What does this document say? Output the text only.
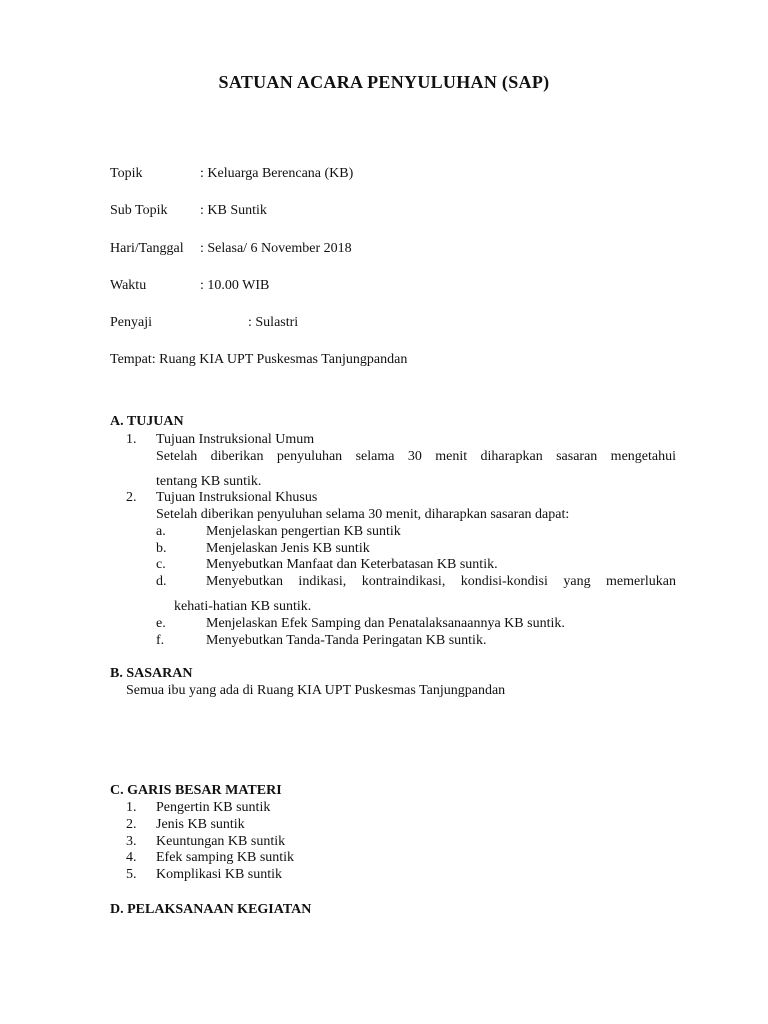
SATUAN ACARA PENYULUHAN (SAP)
Topik	: Keluarga Berencana (KB)
Sub Topik : KB Suntik
Hari/Tanggal : Selasa/ 6 November 2018
Waktu	: 10.00 WIB
Penyaji	: Sulastri
Tempat: Ruang KIA UPT Puskesmas Tanjungpandan
A. TUJUAN
1. Tujuan Instruksional Umum
Setelah diberikan penyuluhan selama 30 menit diharapkan sasaran mengetahui
tentang KB suntik.
2. Tujuan Instruksional Khusus
Setelah diberikan penyuluhan selama 30 menit, diharapkan sasaran dapat:
a.	Menjelaskan pengertian KB suntik
b.	Menjelaskan Jenis KB suntik
c.	Menyebutkan Manfaat dan Keterbatasan KB suntik.
d.	Menyebutkan indikasi, kontraindikasi, kondisi-kondisi yang memerlukan
kehati-hatian KB suntik.
e.	Menjelaskan Efek Samping dan Penatalaksanaannya KB suntik.
f.	Menyebutkan Tanda-Tanda Peringatan KB suntik.
B. SASARAN
Semua ibu yang ada di Ruang KIA UPT Puskesmas Tanjungpandan
C. GARIS BESAR MATERI
1. Pengertin KB suntik
2. Jenis KB suntik
3. Keuntungan KB suntik
4. Efek samping KB suntik
5. Komplikasi KB suntik
D. PELAKSANAAN KEGIATAN
